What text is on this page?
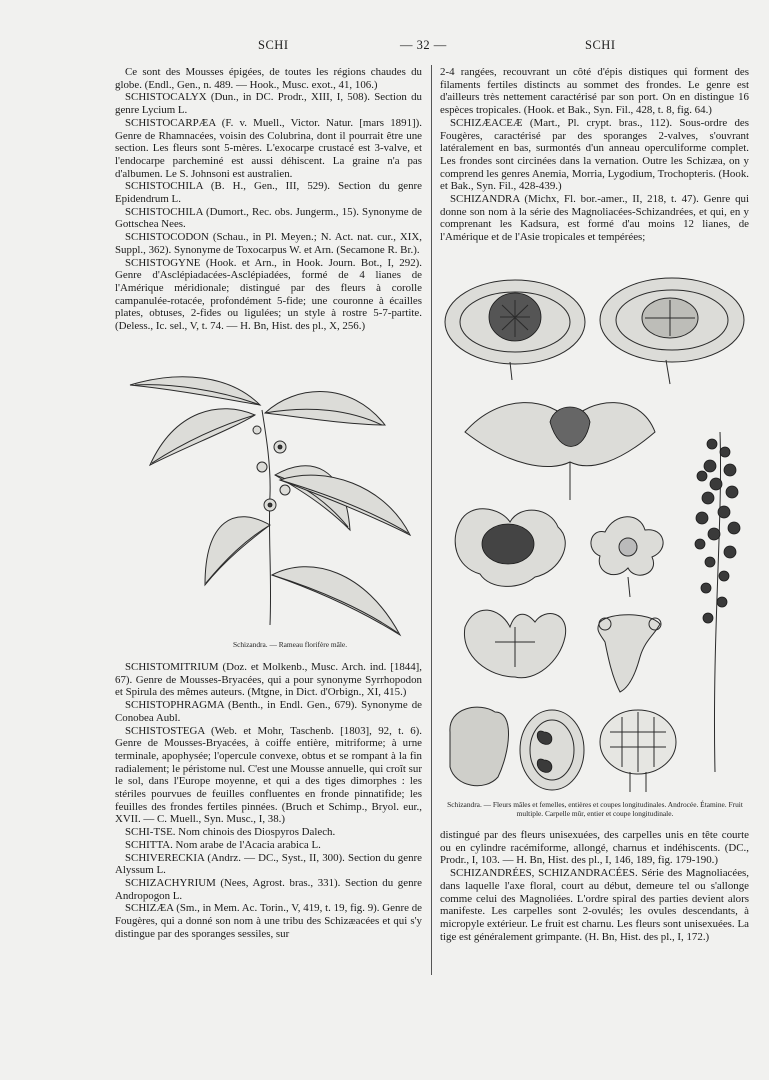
SCHI	— 32 —	SCHI

Ce sont des Mousses épigées, de toutes les régions chaudes du globe. (Endl., Gen., n. 489. — Hook., Musc. exot., 41, 106.)

SCHISTOCALYX (Dun., in DC. Prodr., XIII, I, 508). Section du genre Lycium L.

SCHISTOCARPÆA (F. v. Muell., Victor. Natur. [mars 1891]). Genre de Rhamnacées, voisin des Colubrina, dont il pourrait être une section. Les fleurs sont 5-mères. L'exocarpe crustacé est 3-valve, et l'endocarpe parcheminé est aussi déhiscent. La graine n'a pas d'albumen. Le S. Johnsoni est australien.

SCHISTOCHILA (B. H., Gen., III, 529). Section du genre Epidendrum L.

SCHISTOCHILA (Dumort., Rec. obs. Jungerm., 15). Synonyme de Gottschea Nees.

SCHISTOCODON (Schau., in Pl. Meyen.; N. Act. nat. cur., XIX, Suppl., 362). Synonyme de Toxocarpus W. et Arn. (Secamone R. Br.).

SCHISTOGYNE (Hook. et Arn., in Hook. Journ. Bot., I, 292). Genre d'Asclépiadacées-Asclépiadées, formé de 4 lianes de l'Amérique méridionale; distingué par des fleurs à corolle campanulée-rotacée, profondément 5-fide; une couronne à écailles plates, obtuses, 2-fides ou ligulées; un style à rostre 5-7-partite. (Deless., Ic. sel., V, t. 74. — H. Bn, Hist. des pl., X, 256.)

Schizandra. — Rameau florifère mâle.

SCHISTOMITRIUM (Doz. et Molkenb., Musc. Arch. ind. [1844], 67). Genre de Mousses-Bryacées, qui a pour synonyme Syrrhopodon et Spirula des mêmes auteurs. (Mtgne, in Dict. d'Orbign., XI, 415.)

SCHISTOPHRAGMA (Benth., in Endl. Gen., 679). Synonyme de Conobea Aubl.

SCHISTOSTEGA (Web. et Mohr, Taschenb. [1803], 92, t. 6). Genre de Mousses-Bryacées, à coiffe entière, mitriforme; à urne terminale, apophysée; l'opercule convexe, obtus et se rompant à la fin radialement; le péristome nul. C'est une Mousse annuelle, qui croît sur le sol, dans l'Europe moyenne, et qui a des tiges dimorphes : les stériles pourvues de feuilles confluentes en fronde pinnatifide; les feuilles des frondes fertiles pinnées. (Bruch et Schimp., Bryol. eur., XVII. — C. Muell., Syn. Musc., I, 38.)

SCHI-TSE. Nom chinois des Diospyros Dalech.

SCHITTA. Nom arabe de l'Acacia arabica L.

SCHIVERECKIA (Andrz. — DC., Syst., II, 300). Section du genre Alyssum L.

SCHIZACHYRIUM (Nees, Agrost. bras., 331). Section du genre Andropogon L.

SCHIZÆA (Sm., in Mem. Ac. Torin., V, 419, t. 19, fig. 9). Genre de Fougères, qui a donné son nom à une tribu des Schizæacées et qui s'y distingue par des sporanges sessiles, sur

2-4 rangées, recouvrant un côté d'épis distiques qui forment des filaments fertiles distincts au sommet des frondes. Le genre est d'ailleurs très nettement caractérisé par son port. On en distingue 16 espèces tropicales. (Hook. et Bak., Syn. Fil., 428, t. 8, fig. 64.)

SCHIZÆACEÆ (Mart., Pl. crypt. bras., 112). Sous-ordre des Fougères, caractérisé par des sporanges 2-valves, s'ouvrant latéralement en bas, surmontés d'un anneau operculiforme complet. Les frondes sont circinées dans la vernation. Outre les Schizæa, on y comprend les genres Anemia, Morria, Lygodium, Trochopteris. (Hook. et Bak., Syn. Fil., 428-439.)

SCHIZANDRA (Michx, Fl. bor.-amer., II, 218, t. 47). Genre qui donne son nom à la série des Magnoliacées-Schizandrées, et qui, en y comprenant les Kadsura, est formé d'au moins 12 lianes, de l'Amérique et de l'Asie tropicales et tempérées;

Schizandra. — Fleurs mâles et femelles, entières et coupes longitudinales. Androcée. Étamine. Fruit multiple. Carpelle mûr, entier et coupe longitudinale.

distingué par des fleurs unisexuées, des carpelles unis en tête courte ou en cylindre racémiforme, allongé, charnus et indéhiscents. (DC., Prodr., I, 103. — H. Bn, Hist. des pl., I, 146, 189, fig. 179-190.)

SCHIZANDRÉES, SCHIZANDRACÉES. Série des Magnoliacées, dans laquelle l'axe floral, court au début, demeure tel ou s'allonge comme celui des Magnoliées. L'ordre spiral des parties devient alors manifeste. Les carpelles sont 2-ovulés; les ovules descendants, à micropyle extérieur. Le fruit est charnu. Les fleurs sont unisexuées. La tige est généralement grimpante. (H. Bn, Hist. des pl., I, 172.)
